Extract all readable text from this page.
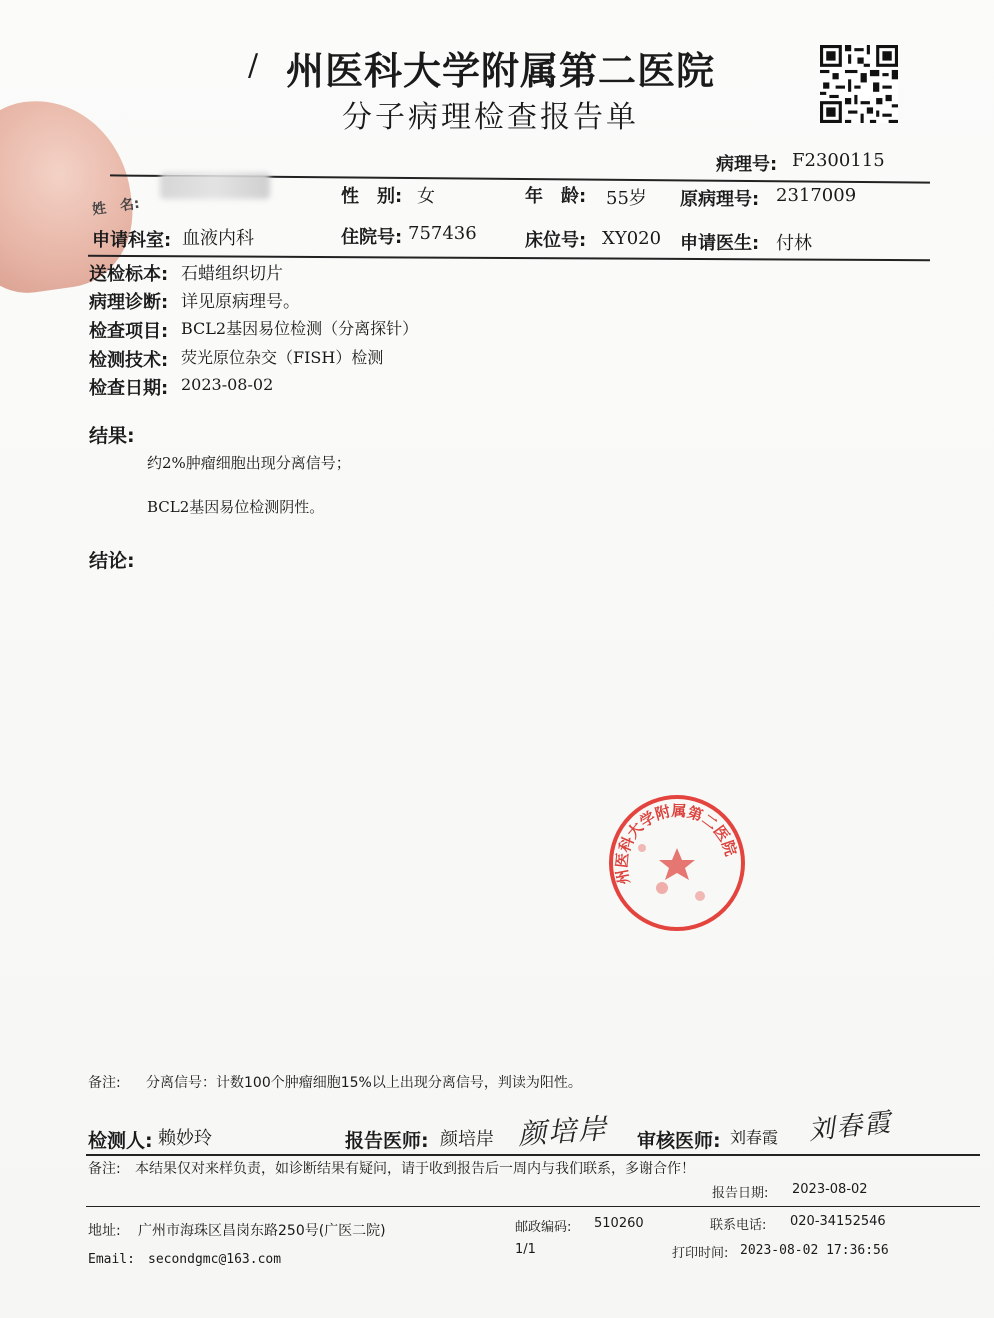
/ 州医科大学附属第二医院
分子病理检查报告单
病理号: F2300115
姓　名:	性　别: 女	年　龄: 55岁 原病理号: 2317009
申请科室: 血液内科	住院号: 757436	床位号: XY020 申请医生: 付林
送检标本: 石蜡组织切片
病理诊断: 详见原病理号。
检查项目: BCL2基因易位检测（分离探针）
检测技术: 荧光原位杂交（FISH）检测
检查日期: 2023-08-02
结果:
约2%肿瘤细胞出现分离信号；
BCL2基因易位检测阴性。
结论:
州医科大学附属第二医院
备注: 分离信号：计数100个肿瘤细胞15%以上出现分离信号，判读为阳性。
检测人: 赖妙玲	报告医师: 颜培岸 颜培岸 审核医师: 刘春霞 刘春霞
备注: 本结果仅对来样负责，如诊断结果有疑问，请于收到报告后一周内与我们联系，多谢合作！
报告日期: 2023-08-02
地址: 广州市海珠区昌岗东路250号(广医二院)	邮政编码: 510260	联系电话: 020-34152546
Email: secondgmc@163.com
1/1	打印时间: 2023-08-02 17:36:56
